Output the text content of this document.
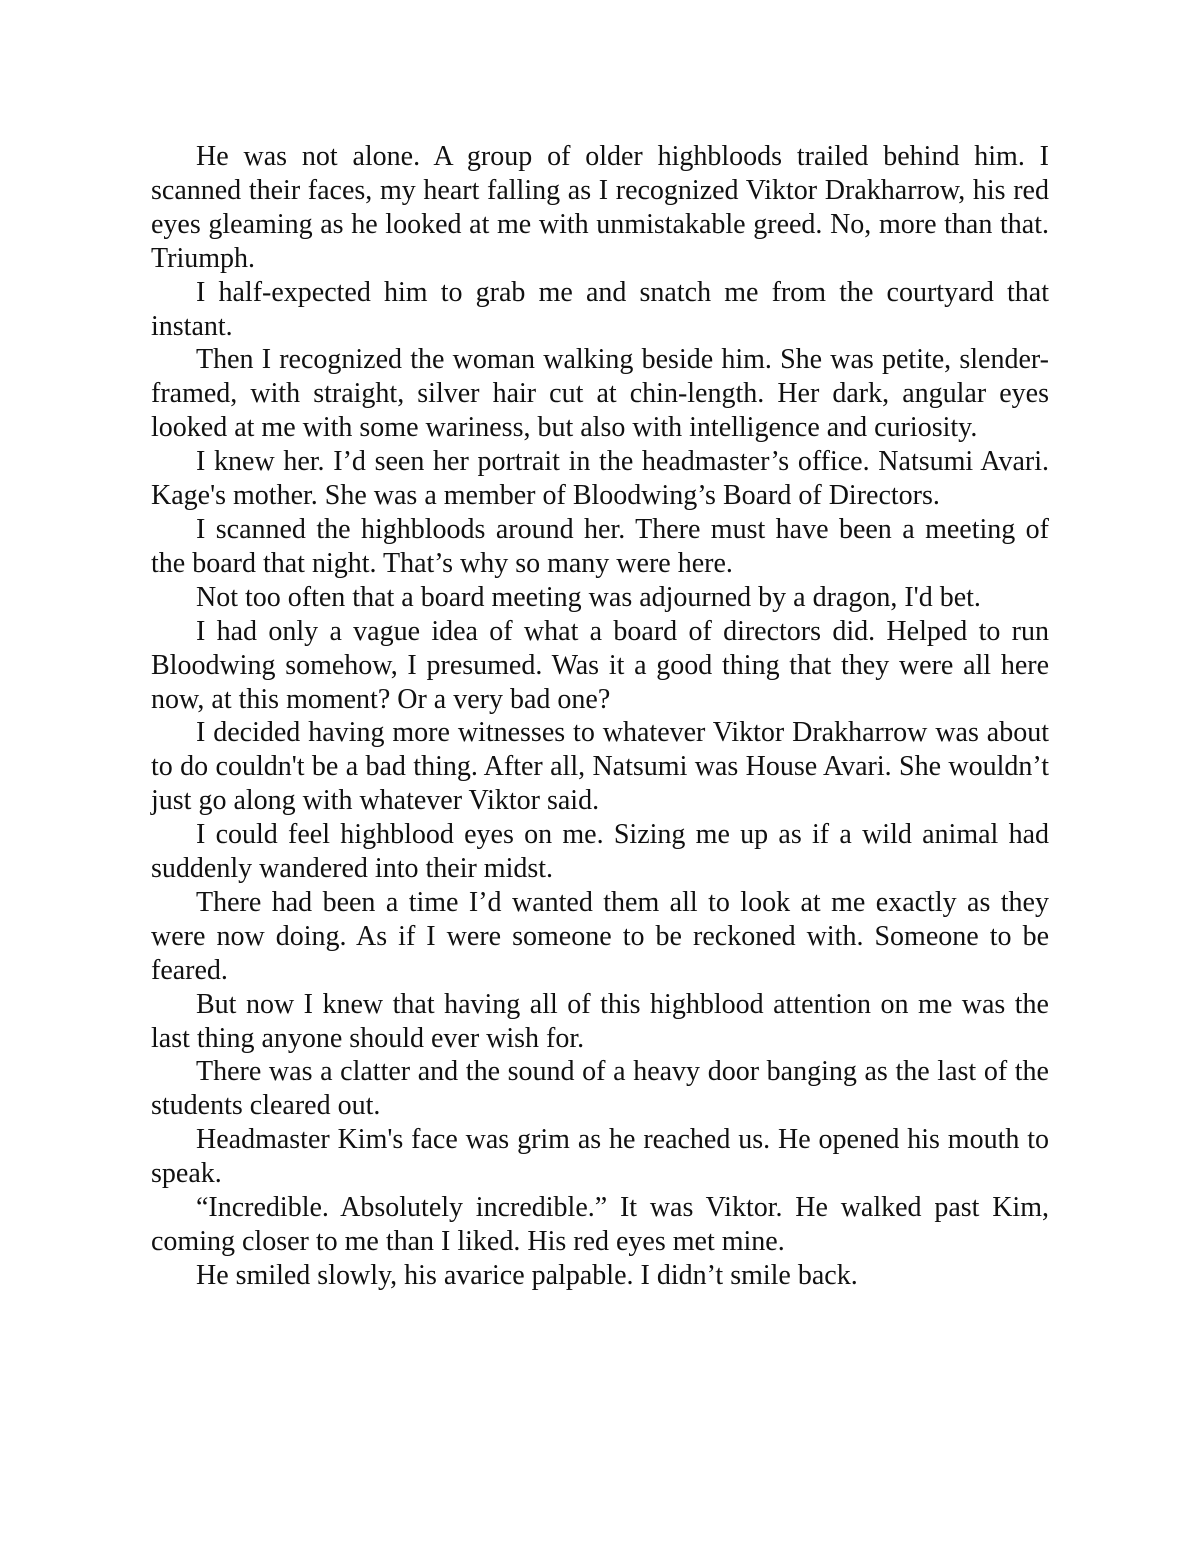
He was not alone. A group of older highbloods trailed behind him. I scanned their faces, my heart falling as I recognized Viktor Drakharrow, his red eyes gleaming as he looked at me with unmistakable greed. No, more than that. Triumph.

I half-expected him to grab me and snatch me from the courtyard that instant.

Then I recognized the woman walking beside him. She was petite, slender-framed, with straight, silver hair cut at chin-length. Her dark, angular eyes looked at me with some wariness, but also with intelligence and curiosity.

I knew her. I’d seen her portrait in the headmaster’s office. Natsumi Avari. Kage's mother. She was a member of Bloodwing’s Board of Directors.

I scanned the highbloods around her. There must have been a meeting of the board that night. That’s why so many were here.

Not too often that a board meeting was adjourned by a dragon, I'd bet.

I had only a vague idea of what a board of directors did. Helped to run Bloodwing somehow, I presumed. Was it a good thing that they were all here now, at this moment? Or a very bad one?

I decided having more witnesses to whatever Viktor Drakharrow was about to do couldn't be a bad thing. After all, Natsumi was House Avari. She wouldn’t just go along with whatever Viktor said.

I could feel highblood eyes on me. Sizing me up as if a wild animal had suddenly wandered into their midst.

There had been a time I’d wanted them all to look at me exactly as they were now doing. As if I were someone to be reckoned with. Someone to be feared.

But now I knew that having all of this highblood attention on me was the last thing anyone should ever wish for.

There was a clatter and the sound of a heavy door banging as the last of the students cleared out.

Headmaster Kim's face was grim as he reached us. He opened his mouth to speak.

“Incredible. Absolutely incredible.” It was Viktor. He walked past Kim, coming closer to me than I liked. His red eyes met mine.

He smiled slowly, his avarice palpable. I didn’t smile back.
